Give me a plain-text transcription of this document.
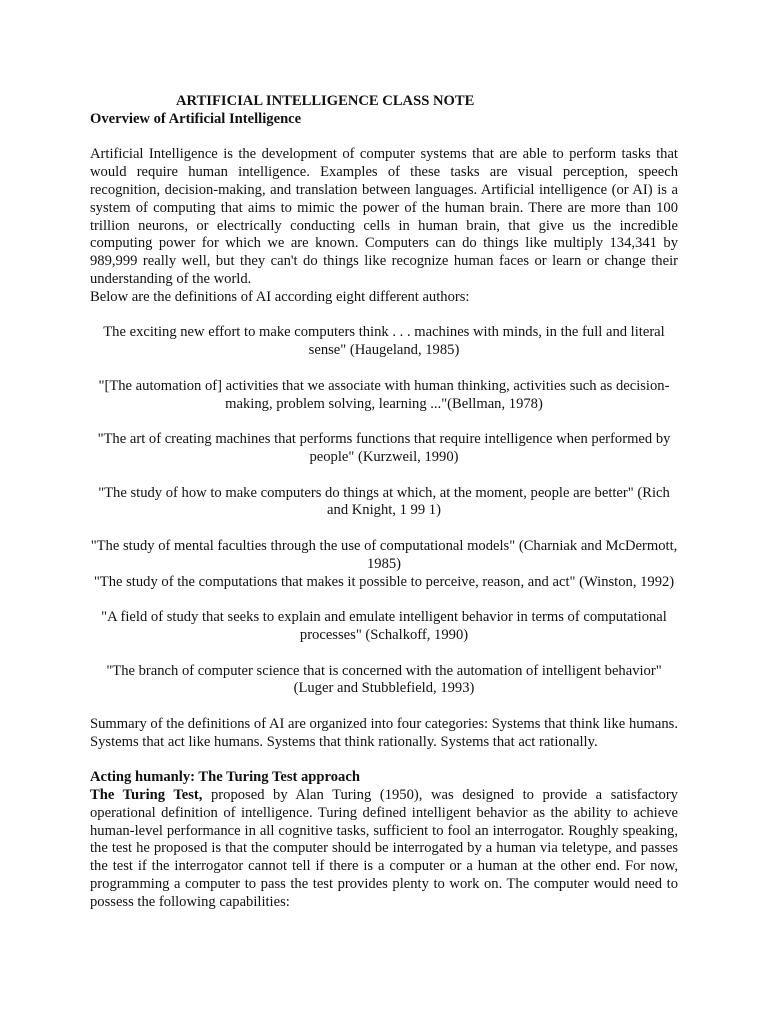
ARTIFICIAL INTELLIGENCE CLASS NOTE

Overview of Artificial Intelligence

Artificial Intelligence is the development of computer systems that are able to perform tasks that would require human intelligence. Examples of these tasks are visual perception, speech recognition, decision-making, and translation between languages. Artificial intelligence (or AI) is a system of computing that aims to mimic the power of the human brain. There are more than 100 trillion neurons, or electrically conducting cells in human brain, that give us the incredible computing power for which we are known. Computers can do things like multiply 134,341 by 989,999 really well, but they can't do things like recognize human faces or learn or change their understanding of the world.

Below are the definitions of AI according eight different authors:

The exciting new effort to make computers think . . . machines with minds, in the full and literal sense" (Haugeland, 1985)

"[The automation of] activities that we associate with human thinking, activities such as decision-making, problem solving, learning ..."(Bellman, 1978)

"The art of creating machines that performs functions that require intelligence when performed by people" (Kurzweil, 1990)

"The study of how to make computers do things at which, at the moment, people are better" (Rich and Knight, 1 99 1)

"The study of mental faculties through the use of computational models" (Charniak and McDermott, 1985)

"The study of the computations that makes it possible to perceive, reason, and act" (Winston, 1992)

"A field of study that seeks to explain and emulate intelligent behavior in terms of computational processes" (Schalkoff, 1990)

"The branch of computer science that is concerned with the automation of intelligent behavior" (Luger and Stubblefield, 1993)

Summary of the definitions of AI are organized into four categories: Systems that think like humans. Systems that act like humans. Systems that think rationally. Systems that act rationally.

Acting humanly: The Turing Test approach

The Turing Test, proposed by Alan Turing (1950), was designed to provide a satisfactory operational definition of intelligence. Turing defined intelligent behavior as the ability to achieve human-level performance in all cognitive tasks, sufficient to fool an interrogator. Roughly speaking, the test he proposed is that the computer should be interrogated by a human via teletype, and passes the test if the interrogator cannot tell if there is a computer or a human at the other end. For now, programming a computer to pass the test provides plenty to work on. The computer would need to possess the following capabilities:
